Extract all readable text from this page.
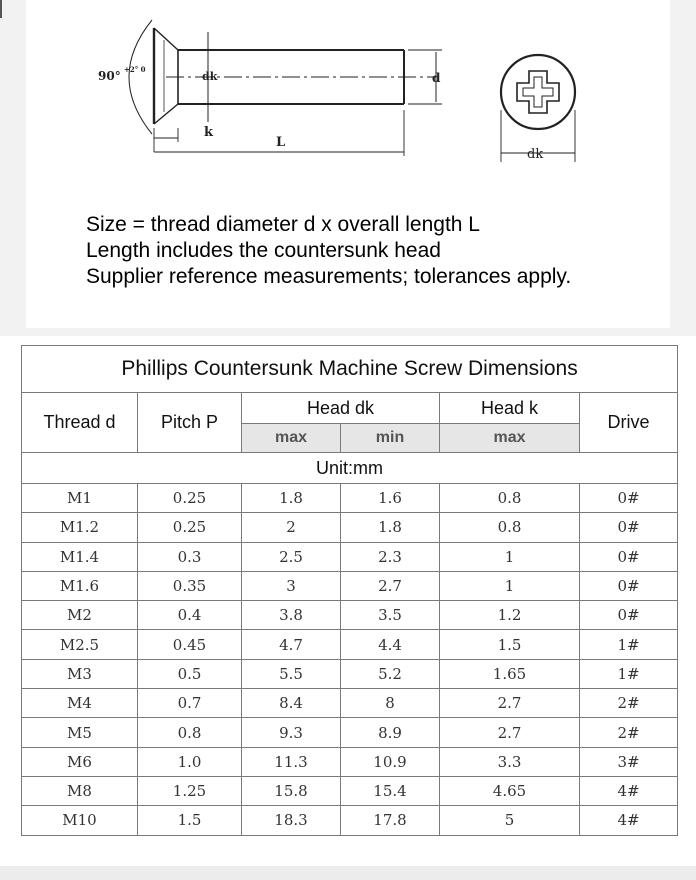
90° +2° 0
dk	d
k
L
dk
Size = thread diameter d x overall length L
Length includes the countersunk head
Supplier reference measurements; tolerances apply.
Phillips Countersunk Machine Screw Dimensions					
Thread d	Pitch P	Head dk		Head k	Drive
		max	min	max	
Unit:mm					
M1	0.25	1.8	1.6	0.8	0#
M1.2	0.25	2	1.8	0.8	0#
M1.4	0.3	2.5	2.3	1	0#
M1.6	0.35	3	2.7	1	0#
M2	0.4	3.8	3.5	1.2	0#
M2.5	0.45	4.7	4.4	1.5	1#
M3	0.5	5.5	5.2	1.65	1#
M4	0.7	8.4	8	2.7	2#
M5	0.8	9.3	8.9	2.7	2#
M6	1.0	11.3	10.9	3.3	3#
M8	1.25	15.8	15.4	4.65	4#
M10	1.5	18.3	17.8	5	4#
